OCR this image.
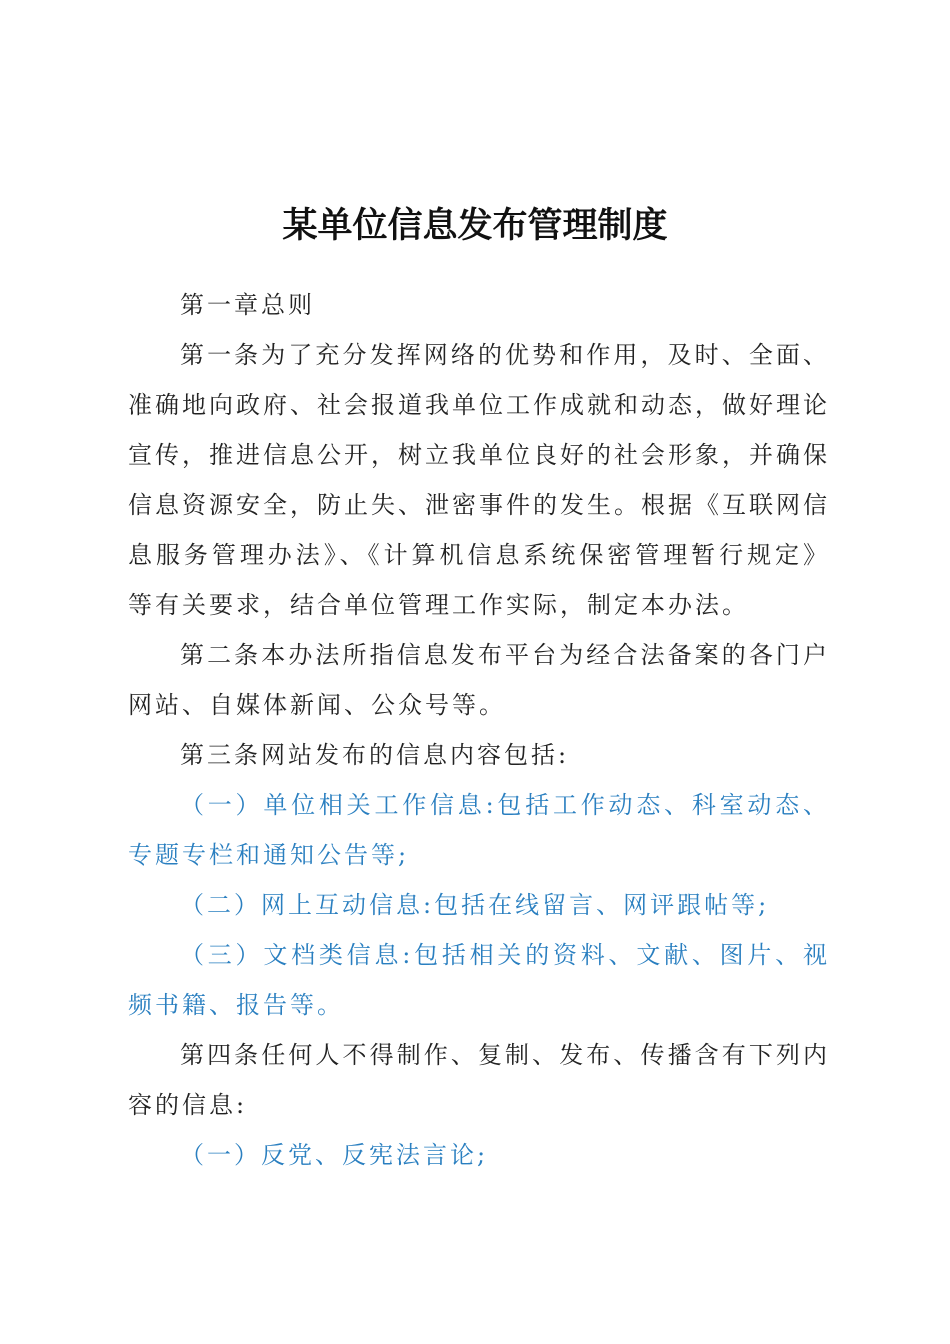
某单位信息发布管理制度

第一章总则

第一条为了充分发挥网络的优势和作用，及时、全面、准确地向政府、社会报道我单位工作成就和动态，做好理论宣传，推进信息公开，树立我单位良好的社会形象，并确保信息资源安全，防止失、泄密事件的发生。根据《互联网信息服务管理办法》、《计算机信息系统保密管理暂行规定》等有关要求，结合单位管理工作实际，制定本办法。

第二条本办法所指信息发布平台为经合法备案的各门户网站、自媒体新闻、公众号等。

第三条网站发布的信息内容包括:

（一）单位相关工作信息:包括工作动态、科室动态、专题专栏和通知公告等;

（二）网上互动信息:包括在线留言、网评跟帖等;

（三）文档类信息:包括相关的资料、文献、图片、视频书籍、报告等。

第四条任何人不得制作、复制、发布、传播含有下列内容的信息:

（一）反党、反宪法言论;
